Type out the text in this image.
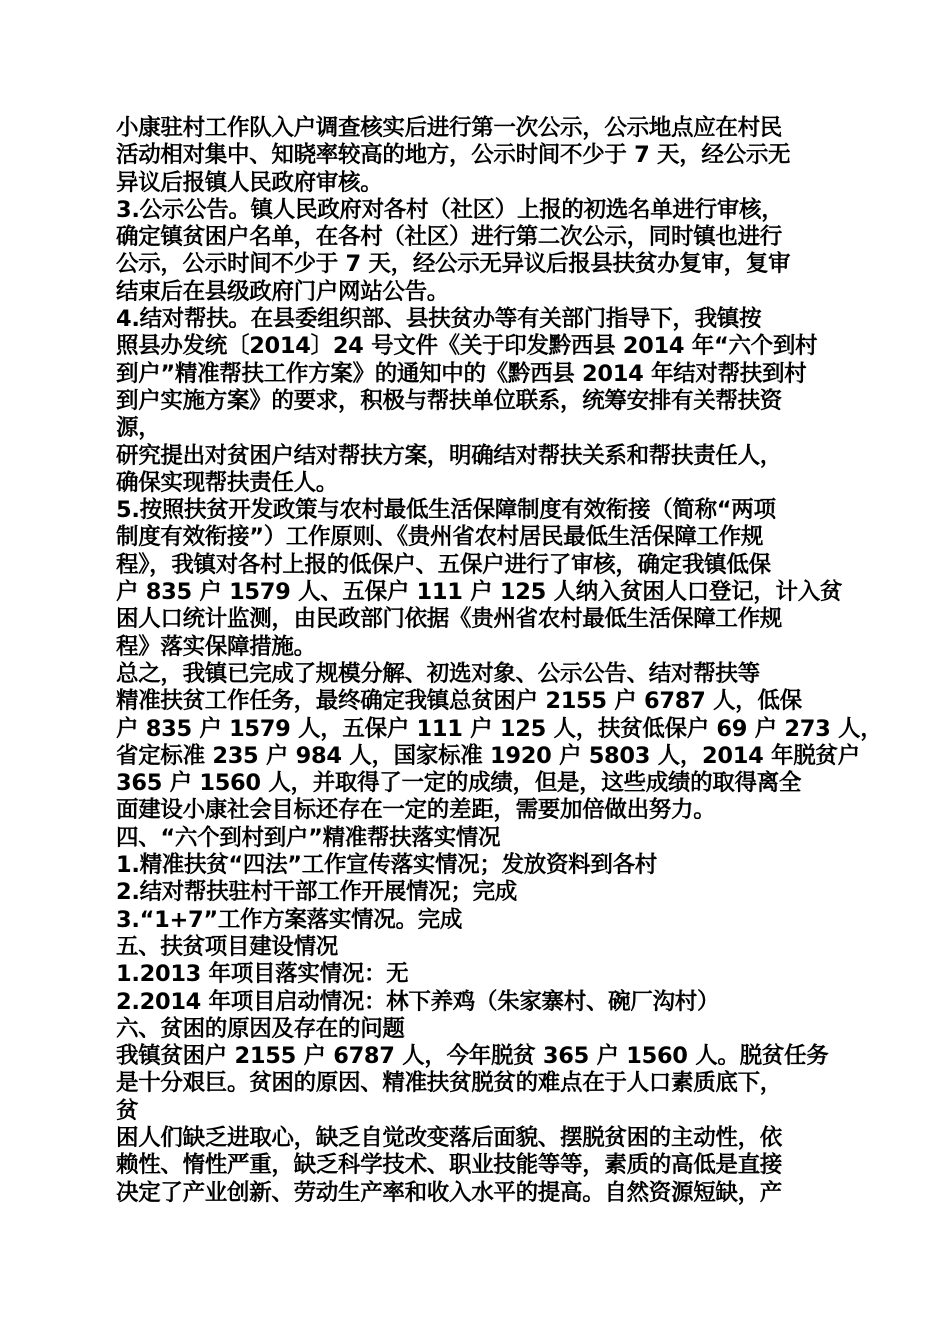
小康驻村工作队入户调查核实后进行第一次公示，公示地点应在村民
活动相对集中、知晓率较高的地方，公示时间不少于 7 天，经公示无
异议后报镇人民政府审核。
3.公示公告。镇人民政府对各村（社区）上报的初选名单进行审核，
确定镇贫困户名单，在各村（社区）进行第二次公示，同时镇也进行
公示，公示时间不少于 7 天，经公示无异议后报县扶贫办复审，复审
结束后在县级政府门户网站公告。
4.结对帮扶。在县委组织部、县扶贫办等有关部门指导下，我镇按
照县办发统〔2014〕24 号文件《关于印发黔西县 2014 年“六个到村
到户”精准帮扶工作方案》的通知中的《黔西县 2014 年结对帮扶到村
到户实施方案》的要求，积极与帮扶单位联系，统筹安排有关帮扶资
源，
研究提出对贫困户结对帮扶方案，明确结对帮扶关系和帮扶责任人，
确保实现帮扶责任人。
5.按照扶贫开发政策与农村最低生活保障制度有效衔接（简称“两项
制度有效衔接”）工作原则、《贵州省农村居民最低生活保障工作规
程》，我镇对各村上报的低保户、五保户进行了审核，确定我镇低保
户 835 户 1579 人、五保户 111 户 125 人纳入贫困人口登记，计入贫
困人口统计监测，由民政部门依据《贵州省农村最低生活保障工作规
程》落实保障措施。
总之，我镇已完成了规模分解、初选对象、公示公告、结对帮扶等
精准扶贫工作任务，最终确定我镇总贫困户 2155 户 6787 人，低保
户 835 户 1579 人，五保户 111 户 125 人，扶贫低保户 69 户 273 人，
省定标准 235 户 984 人，国家标准 1920 户 5803 人，2014 年脱贫户
365 户 1560 人，并取得了一定的成绩，但是，这些成绩的取得离全
面建设小康社会目标还存在一定的差距，需要加倍做出努力。
四、“六个到村到户”精准帮扶落实情况
1.精准扶贫“四法”工作宣传落实情况；发放资料到各村
2.结对帮扶驻村干部工作开展情况；完成
3.“1+7”工作方案落实情况。完成
五、扶贫项目建设情况
1.2013 年项目落实情况：无
2.2014 年项目启动情况：林下养鸡（朱家寨村、碗厂沟村）
六、贫困的原因及存在的问题
我镇贫困户 2155 户 6787 人，今年脱贫 365 户 1560 人。脱贫任务
是十分艰巨。贫困的原因、精准扶贫脱贫的难点在于人口素质底下，
贫
困人们缺乏进取心，缺乏自觉改变落后面貌、摆脱贫困的主动性，依
赖性、惰性严重，缺乏科学技术、职业技能等等，素质的高低是直接
决定了产业创新、劳动生产率和收入水平的提高。自然资源短缺，产
